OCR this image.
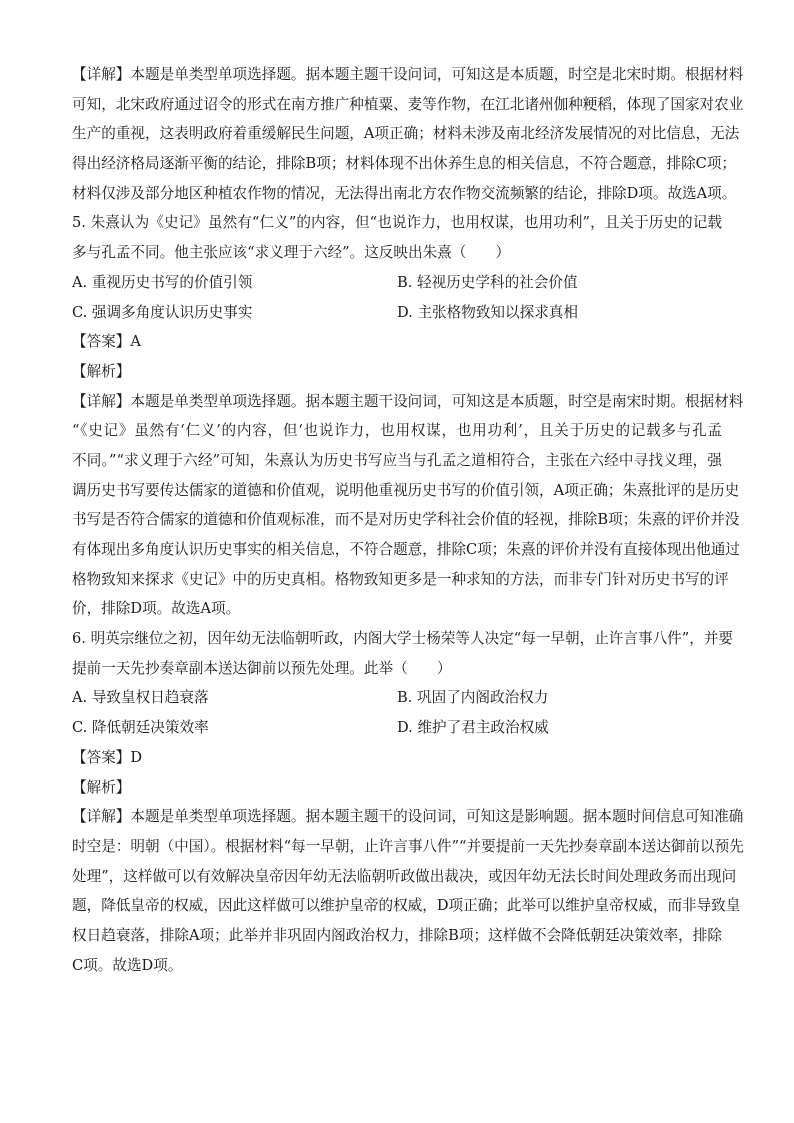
【详解】本题是单类型单项选择题。据本题主题干设问词，可知这是本质题，时空是北宋时期。根据材料
可知，北宋政府通过诏令的形式在南方推广种植粟、麦等作物，在江北诸州伽种粳稻，体现了国家对农业
生产的重视，这表明政府着重缓解民生问题，A项正确；材料未涉及南北经济发展情况的对比信息，无法
得出经济格局逐渐平衡的结论，排除B项；材料体现不出休养生息的相关信息，不符合题意，排除C项；
材料仅涉及部分地区种植农作物的情况，无法得出南北方农作物交流频繁的结论，排除D项。故选A项。
5. 朱熹认为《史记》虽然有“仁义”的内容，但“也说诈力，也用权谋，也用功利”，且关于历史的记载
多与孔孟不同。他主张应该“求义理于六经”。这反映出朱熹（　　）
A. 重视历史书写的价值引领	B. 轻视历史学科的社会价值
C. 强调多角度认识历史事实	D. 主张格物致知以探求真相
【答案】A
【解析】
【详解】本题是单类型单项选择题。据本题主题干设问词，可知这是本质题，时空是南宋时期。根据材料
“《史记》虽然有‘仁义’的内容，但‘也说诈力，也用权谋，也用功利’，且关于历史的记载多与孔孟
不同。”“求义理于六经”可知，朱熹认为历史书写应当与孔孟之道相符合，主张在六经中寻找义理，强
调历史书写要传达儒家的道德和价值观，说明他重视历史书写的价值引领，A项正确；朱熹批评的是历史
书写是否符合儒家的道德和价值观标准，而不是对历史学科社会价值的轻视，排除B项；朱熹的评价并没
有体现出多角度认识历史事实的相关信息，不符合题意，排除C项；朱熹的评价并没有直接体现出他通过
格物致知来探求《史记》中的历史真相。格物致知更多是一种求知的方法，而非专门针对历史书写的评
价，排除D项。故选A项。
6. 明英宗继位之初，因年幼无法临朝听政，内阁大学士杨荣等人决定“每一早朝，止许言事八件”，并要
提前一天先抄奏章副本送达御前以预先处理。此举（　　）
A. 导致皇权日趋衰落	B. 巩固了内阁政治权力
C. 降低朝廷决策效率	D. 维护了君主政治权威
【答案】D
【解析】
【详解】本题是单类型单项选择题。据本题主题干的设问词，可知这是影响题。据本题时间信息可知准确
时空是：明朝（中国）。根据材料“每一早朝，止许言事八件”“并要提前一天先抄奏章副本送达御前以预先
处理”，这样做可以有效解决皇帝因年幼无法临朝听政做出裁决，或因年幼无法长时间处理政务而出现问
题，降低皇帝的权威，因此这样做可以维护皇帝的权威，D项正确；此举可以维护皇帝权威，而非导致皇
权日趋衰落，排除A项；此举并非巩固内阁政治权力，排除B项；这样做不会降低朝廷决策效率，排除
C项。故选D项。
